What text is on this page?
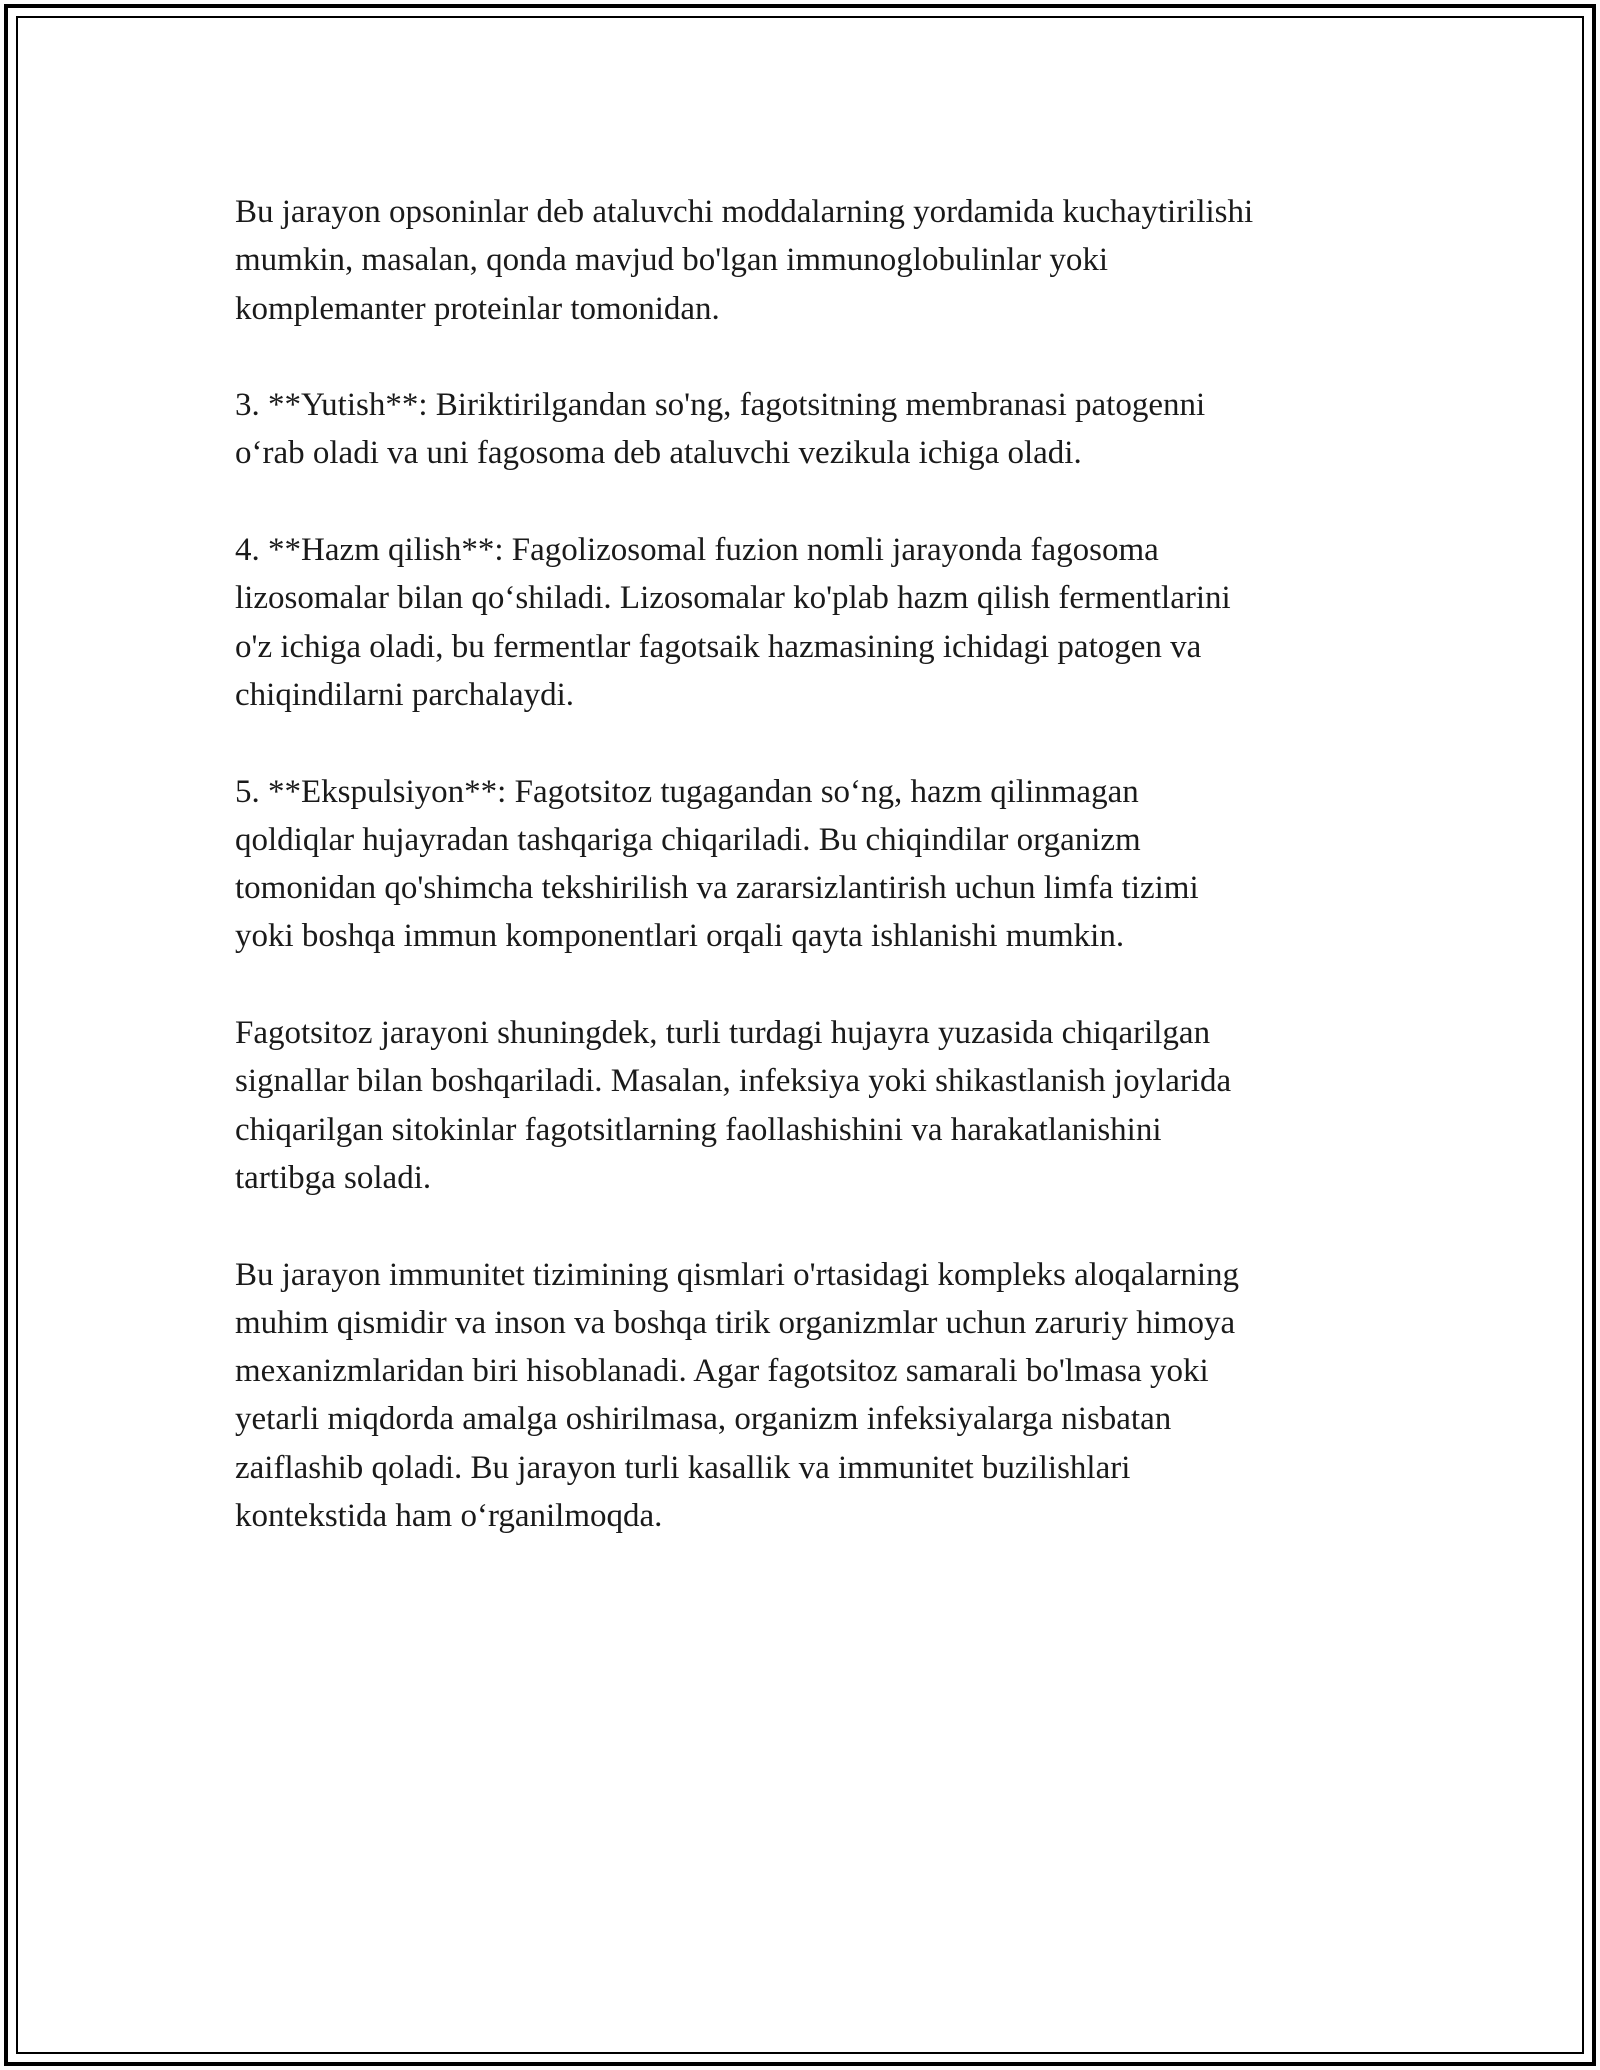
Bu jarayon opsoninlar deb ataluvchi moddalarning yordamida kuchaytirilishi
mumkin, masalan, qonda mavjud bo'lgan immunoglobulinlar yoki
komplemanter proteinlar tomonidan.

3. **Yutish**: Biriktirilgandan so'ng, fagotsitning membranasi patogenni
o‘rab oladi va uni fagosoma deb ataluvchi vezikula ichiga oladi.

4. **Hazm qilish**: Fagolizosomal fuzion nomli jarayonda fagosoma
lizosomalar bilan qo‘shiladi. Lizosomalar ko'plab hazm qilish fermentlarini
o'z ichiga oladi, bu fermentlar fagotsaik hazmasining ichidagi patogen va
chiqindilarni parchalaydi.

5. **Ekspulsiyon**: Fagotsitoz tugagandan so‘ng, hazm qilinmagan
qoldiqlar hujayradan tashqariga chiqariladi. Bu chiqindilar organizm
tomonidan qo'shimcha tekshirilish va zararsizlantirish uchun limfa tizimi
yoki boshqa immun komponentlari orqali qayta ishlanishi mumkin.

Fagotsitoz jarayoni shuningdek, turli turdagi hujayra yuzasida chiqarilgan
signallar bilan boshqariladi. Masalan, infeksiya yoki shikastlanish joylarida
chiqarilgan sitokinlar fagotsitlarning faollashishini va harakatlanishini
tartibga soladi.

Bu jarayon immunitet tizimining qismlari o'rtasidagi kompleks aloqalarning
muhim qismidir va inson va boshqa tirik organizmlar uchun zaruriy himoya
mexanizmlaridan biri hisoblanadi. Agar fagotsitoz samarali bo'lmasa yoki
yetarli miqdorda amalga oshirilmasa, organizm infeksiyalarga nisbatan
zaiflashib qoladi. Bu jarayon turli kasallik va immunitet buzilishlari
kontekstida ham o‘rganilmoqda.
